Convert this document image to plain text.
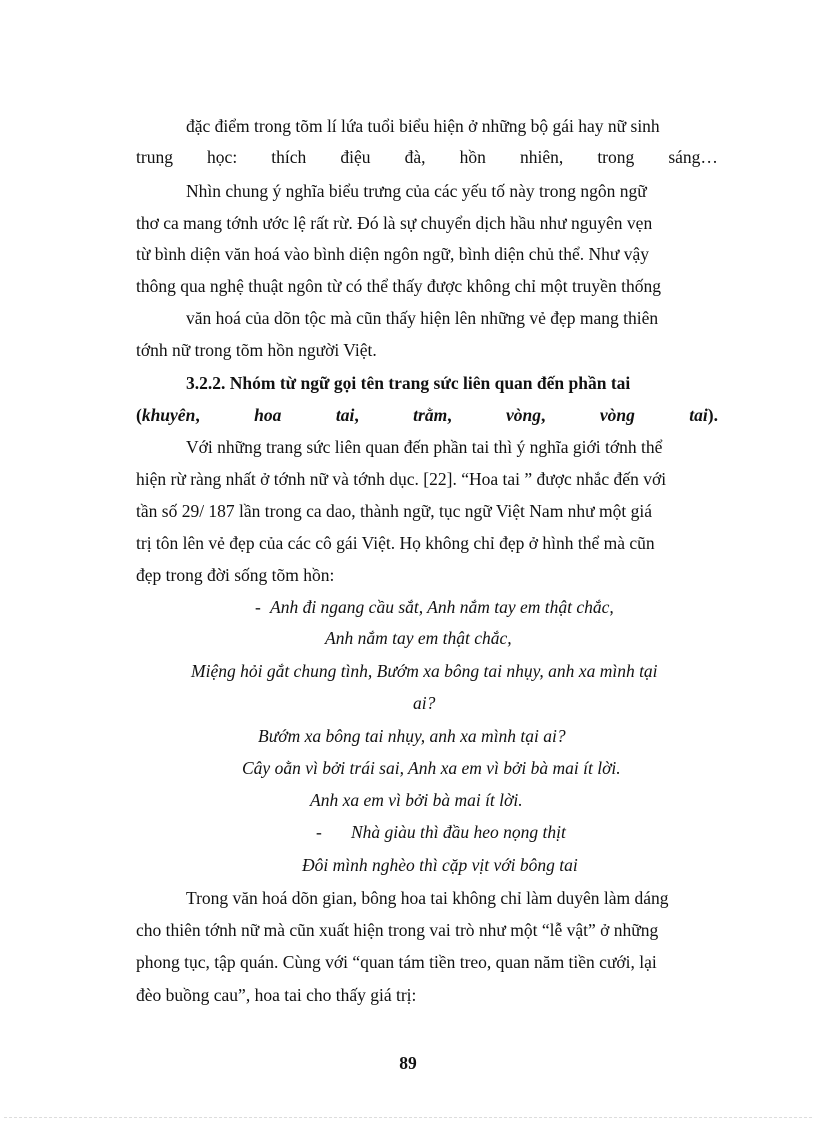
đặc điểm trong tõm lí lứa tuổi biểu hiện ở những bộ gái hay nữ sinh
trung học: thích điệu đà, hồn nhiên, trong sáng…
Nhìn chung ý nghĩa biểu trưng của các yếu tố này trong ngôn ngữ
thơ ca mang tớnh ước lệ rất rừ. Đó là sự chuyển dịch hầu như nguyên vẹn
từ bình diện văn hoá vào bình diện ngôn ngữ, bình diện chủ thể. Như vậy
thông qua nghệ thuật ngôn từ có thể thấy được không chỉ một truyền thống
văn hoá của dõn tộc mà cũn thấy hiện lên những vẻ đẹp mang thiên
tớnh nữ trong tõm hồn người Việt.
3.2.2. Nhóm từ ngữ gọi tên trang sức liên quan đến phần tai
(khuyên,	hoa	tai,	trằm,	vòng,	vòng	tai).
Với những trang sức liên quan đến phần tai thì ý nghĩa giới tớnh thể
hiện rừ ràng nhất ở tớnh nữ và tớnh dục. [22]. “Hoa tai ” được nhắc đến với
tần số 29/ 187 lần trong ca dao, thành ngữ, tục ngữ Việt Nam như một giá
trị tôn lên vẻ đẹp của các cô gái Việt. Họ không chỉ đẹp ở hình thể mà cũn
đẹp trong đời sống tõm hồn:
- Anh đi ngang cầu sắt, Anh nắm tay em thật chắc,
Anh nắm tay em thật chắc,
Miệng hỏi gắt chung tình, Bướm xa bông tai nhụy, anh xa mình tại
ai?
Bướm xa bông tai nhụy, anh xa mình tại ai?
Cây oằn vì bởi trái sai, Anh xa em vì bởi bà mai ít lời.
Anh xa em vì bởi bà mai ít lời.
- Nhà giàu thì đầu heo nọng thịt
Đôi mình nghèo thì cặp vịt với bông tai
Trong văn hoá dõn gian, bông hoa tai không chỉ làm duyên làm dáng
cho thiên tớnh nữ mà cũn xuất hiện trong vai trò như một “lễ vật” ở những
phong tục, tập quán. Cùng với “quan tám tiền treo, quan năm tiền cưới, lại
đèo buồng cau”, hoa tai cho thấy giá trị:
89
